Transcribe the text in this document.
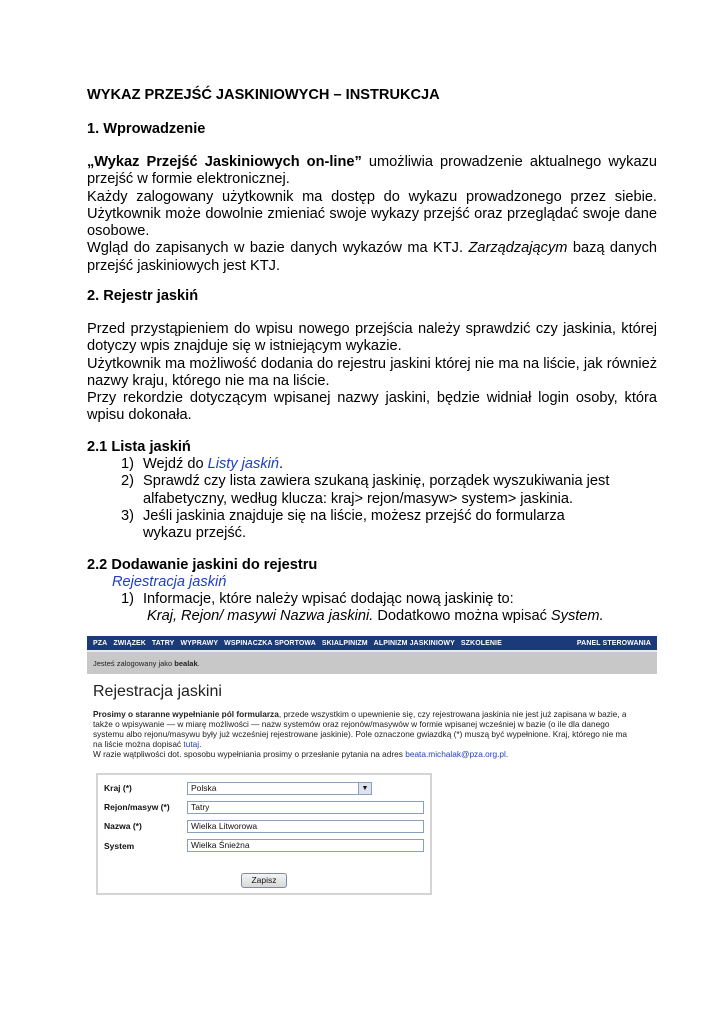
WYKAZ PRZEJŚĆ JASKINIOWYCH – INSTRUKCJA

1. Wprowadzenie

„Wykaz Przejść Jaskiniowych on-line” umożliwia prowadzenie aktualnego wykazu przejść w formie elektronicznej.

Każdy zalogowany użytkownik ma dostęp do wykazu prowadzonego przez siebie. Użytkownik może dowolnie zmieniać swoje wykazy przejść oraz przeglądać swoje dane osobowe.

Wgląd do zapisanych w bazie danych wykazów ma KTJ. Zarządzającym bazą danych przejść jaskiniowych jest KTJ.

2. Rejestr jaskiń

Przed przystąpieniem do wpisu nowego przejścia należy sprawdzić czy jaskinia, której dotyczy wpis znajduje się w istniejącym wykazie.

Użytkownik ma możliwość dodania do rejestru jaskini której nie ma na liście, jak również nazwy kraju, którego nie ma na liście.

Przy rekordzie dotyczącym wpisanej nazwy jaskini, będzie widniał login osoby, która wpisu dokonała.

2.1 Lista jaskiń

1) Wejdź do Listy jaskiń.
2) Sprawdź czy lista zawiera szukaną jaskinię, porządek wyszukiwania jest alfabetyczny, według klucza: kraj> rejon/masyw> system> jaskinia.
3) Jeśli jaskinia znajduje się na liście, możesz przejść do formularza wykazu przejść.

2.2 Dodawanie jaskini do rejestru

Rejestracja jaskiń

1) Informacje, które należy wpisać dodając nową jaskinię to:
Kraj, Rejon/ masywi Nazwa jaskini. Dodatkowo można wpisać System.
PZA ZWIĄZEK TATRY WYPRAWY WSPINACZKA SPORTOWA SKIALPINIZM ALPINIZM JASKINIOWY SZKOLENIE	PANEL STEROWANIA
Jesteś zalogowany jako bealak.
Rejestracja jaskini
Prosimy o staranne wypełnianie pól formularza, przede wszystkim o upewnienie się, czy rejestrowana jaskinia nie jest już zapisana w bazie, a także o wpisywanie — w miarę możliwości — nazw systemów oraz rejonów/masywów w formie wpisanej wcześniej w bazie (o ile dla danego systemu albo rejonu/masywu były już wcześniej rejestrowane jaskinie). Pole oznaczone gwiazdką (*) muszą być wypełnione. Kraj, którego nie ma na liście można dopisać tutaj.
W razie wątpliwości dot. sposobu wypełniania prosimy o przesłanie pytania na adres beata.michalak@pza.org.pl.
Kraj (*)	Polska	▼
Rejon/masyw (*)	Tatry
Nazwa (*)	Wielka Litworowa
System	Wielka Śnieżna
Zapisz
